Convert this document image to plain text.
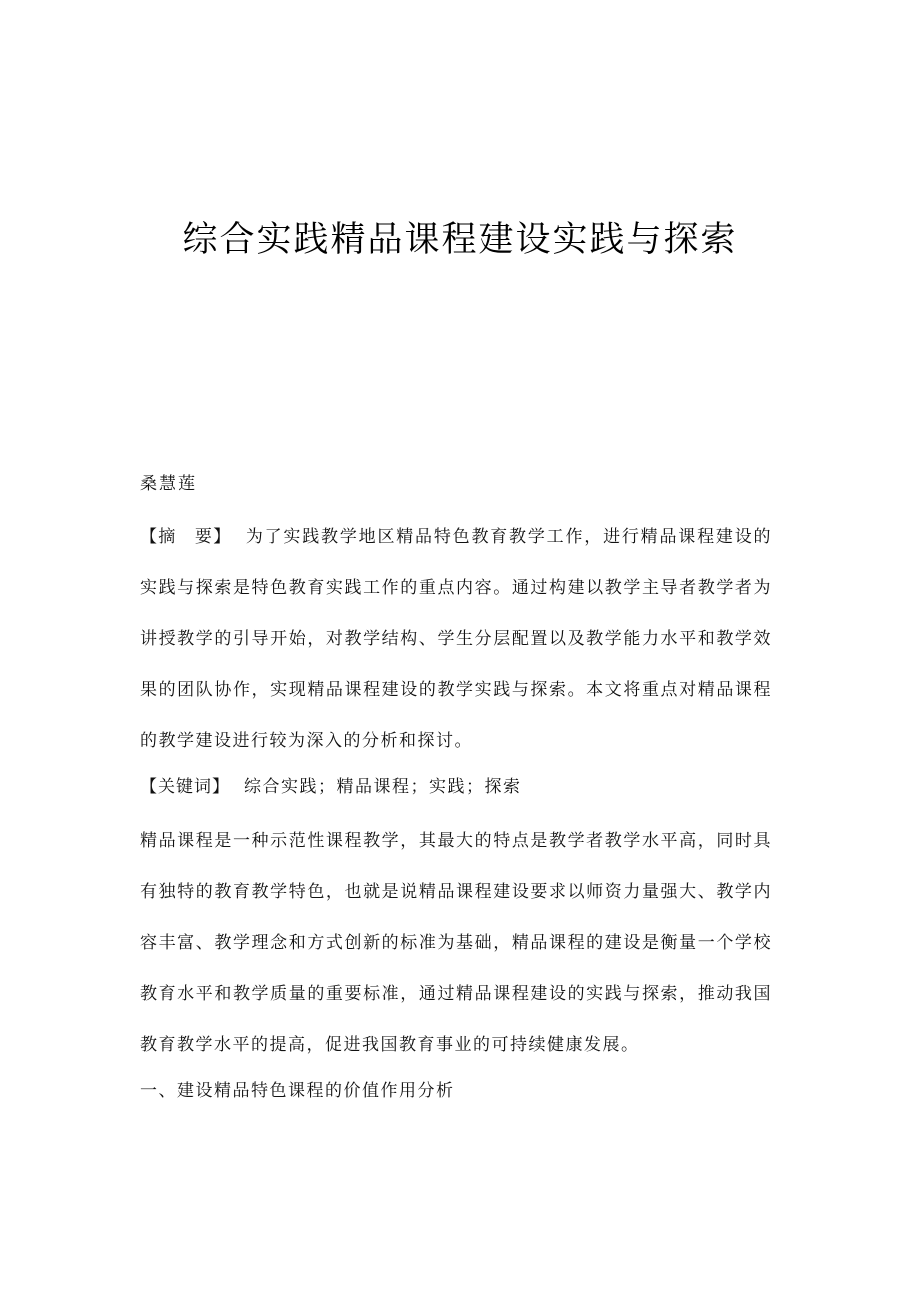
综合实践精品课程建设实践与探索
桑慧莲
【摘　要】 为了实践教学地区精品特色教育教学工作，进行精品课程建设的实践与探索是特色教育实践工作的重点内容。通过构建以教学主导者教学者为讲授教学的引导开始，对教学结构、学生分层配置以及教学能力水平和教学效果的团队协作，实现精品课程建设的教学实践与探索。本文将重点对精品课程的教学建设进行较为深入的分析和探讨。
【关键词】 综合实践；精品课程；实践；探索
精品课程是一种示范性课程教学，其最大的特点是教学者教学水平高，同时具有独特的教育教学特色，也就是说精品课程建设要求以师资力量强大、教学内容丰富、教学理念和方式创新的标准为基础，精品课程的建设是衡量一个学校教育水平和教学质量的重要标准，通过精品课程建设的实践与探索，推动我国教育教学水平的提高，促进我国教育事业的可持续健康发展。
一、建设精品特色课程的价值作用分析
